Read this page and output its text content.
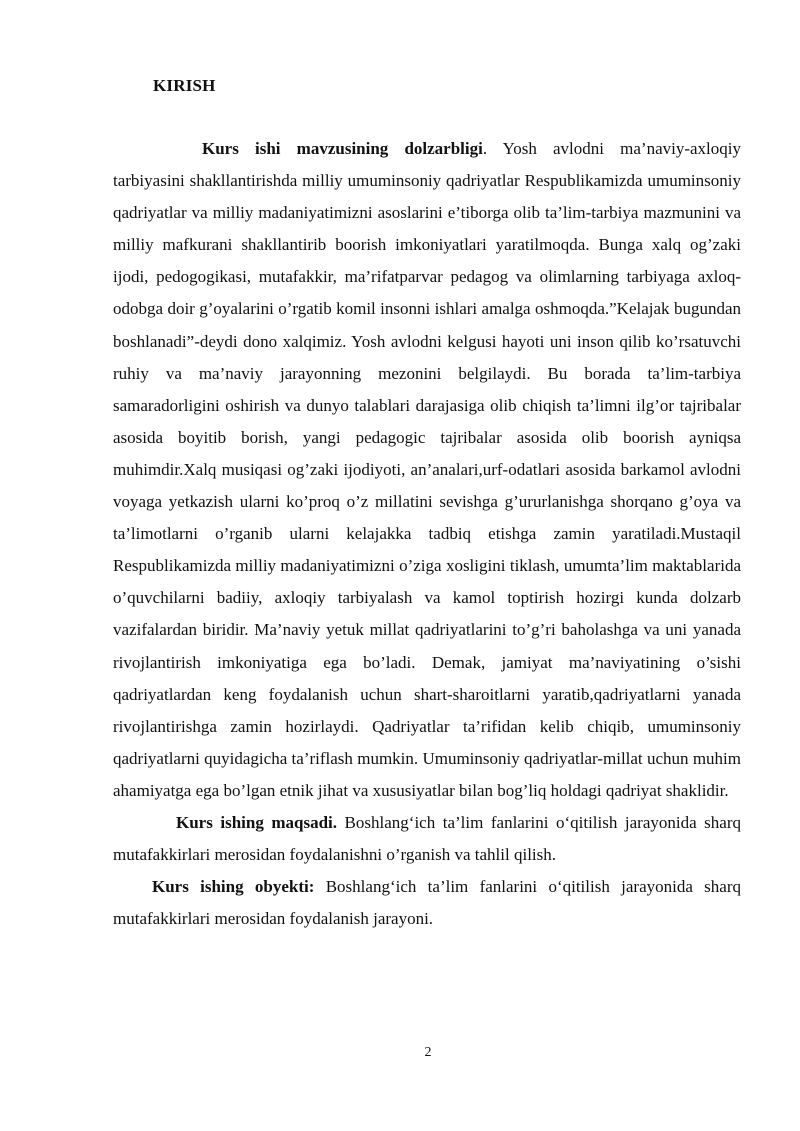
KIRISH

Kurs ishi mavzusining dolzarbligi. Yosh avlodni ma’naviy-axloqiy tarbiyasini shakllantirishda milliy umuminsoniy qadriyatlar Respublikamizda umuminsoniy qadriyatlar va milliy madaniyatimizni asoslarini e’tiborga olib ta’lim-tarbiya mazmunini va milliy mafkurani shakllantirib boorish imkoniyatlari yaratilmoqda. Bunga xalq og’zaki ijodi, pedogogikasi, mutafakkir, ma’rifatparvar pedagog va olimlarning tarbiyaga axloq-odobga doir g’oyalarini o’rgatib komil insonni ishlari amalga oshmoqda.”Kelajak bugundan boshlanadi”-deydi dono xalqimiz. Yosh avlodni kelgusi hayoti uni inson qilib ko’rsatuvchi ruhiy va ma’naviy jarayonning mezonini belgilaydi. Bu borada ta’lim-tarbiya samaradorligini oshirish va dunyo talablari darajasiga olib chiqish ta’limni ilg’or tajribalar asosida boyitib borish, yangi pedagogic tajribalar asosida olib boorish ayniqsa muhimdir.Xalq musiqasi og’zaki ijodiyoti, an’analari,urf-odatlari asosida barkamol avlodni voyaga yetkazish ularni ko’proq o’z millatini sevishga g’ururlanishga shorqano g’oya va ta’limotlarni o’rganib ularni kelajakka tadbiq etishga zamin yaratiladi.Mustaqil Respublikamizda milliy madaniyatimizni o’ziga xosligini tiklash, umumta’lim maktablarida o’quvchilarni badiiy, axloqiy tarbiyalash va kamol toptirish hozirgi kunda dolzarb vazifalardan biridir. Ma’naviy yetuk millat qadriyatlarini to’g’ri baholashga va uni yanada rivojlantirish imkoniyatiga ega bo’ladi. Demak, jamiyat ma’naviyatining o’sishi qadriyatlardan keng foydalanish uchun shart-sharoitlarni yaratib,qadriyatlarni yanada rivojlantirishga zamin hozirlaydi. Qadriyatlar ta’rifidan kelib chiqib, umuminsoniy qadriyatlarni quyidagicha ta’riflash mumkin. Umuminsoniy qadriyatlar-millat uchun muhim ahamiyatga ega bo’lgan etnik jihat va xususiyatlar bilan bog’liq holdagi qadriyat shaklidir.

Kurs ishing maqsadi. Boshlangʻich ta’lim fanlarini oʻqitilish jarayonida sharq mutafakkirlari merosidan foydalanishni o’rganish va tahlil qilish.

Kurs ishing obyekti: Boshlangʻich ta’lim fanlarini oʻqitilish jarayonida sharq mutafakkirlari merosidan foydalanish jarayoni.

2
